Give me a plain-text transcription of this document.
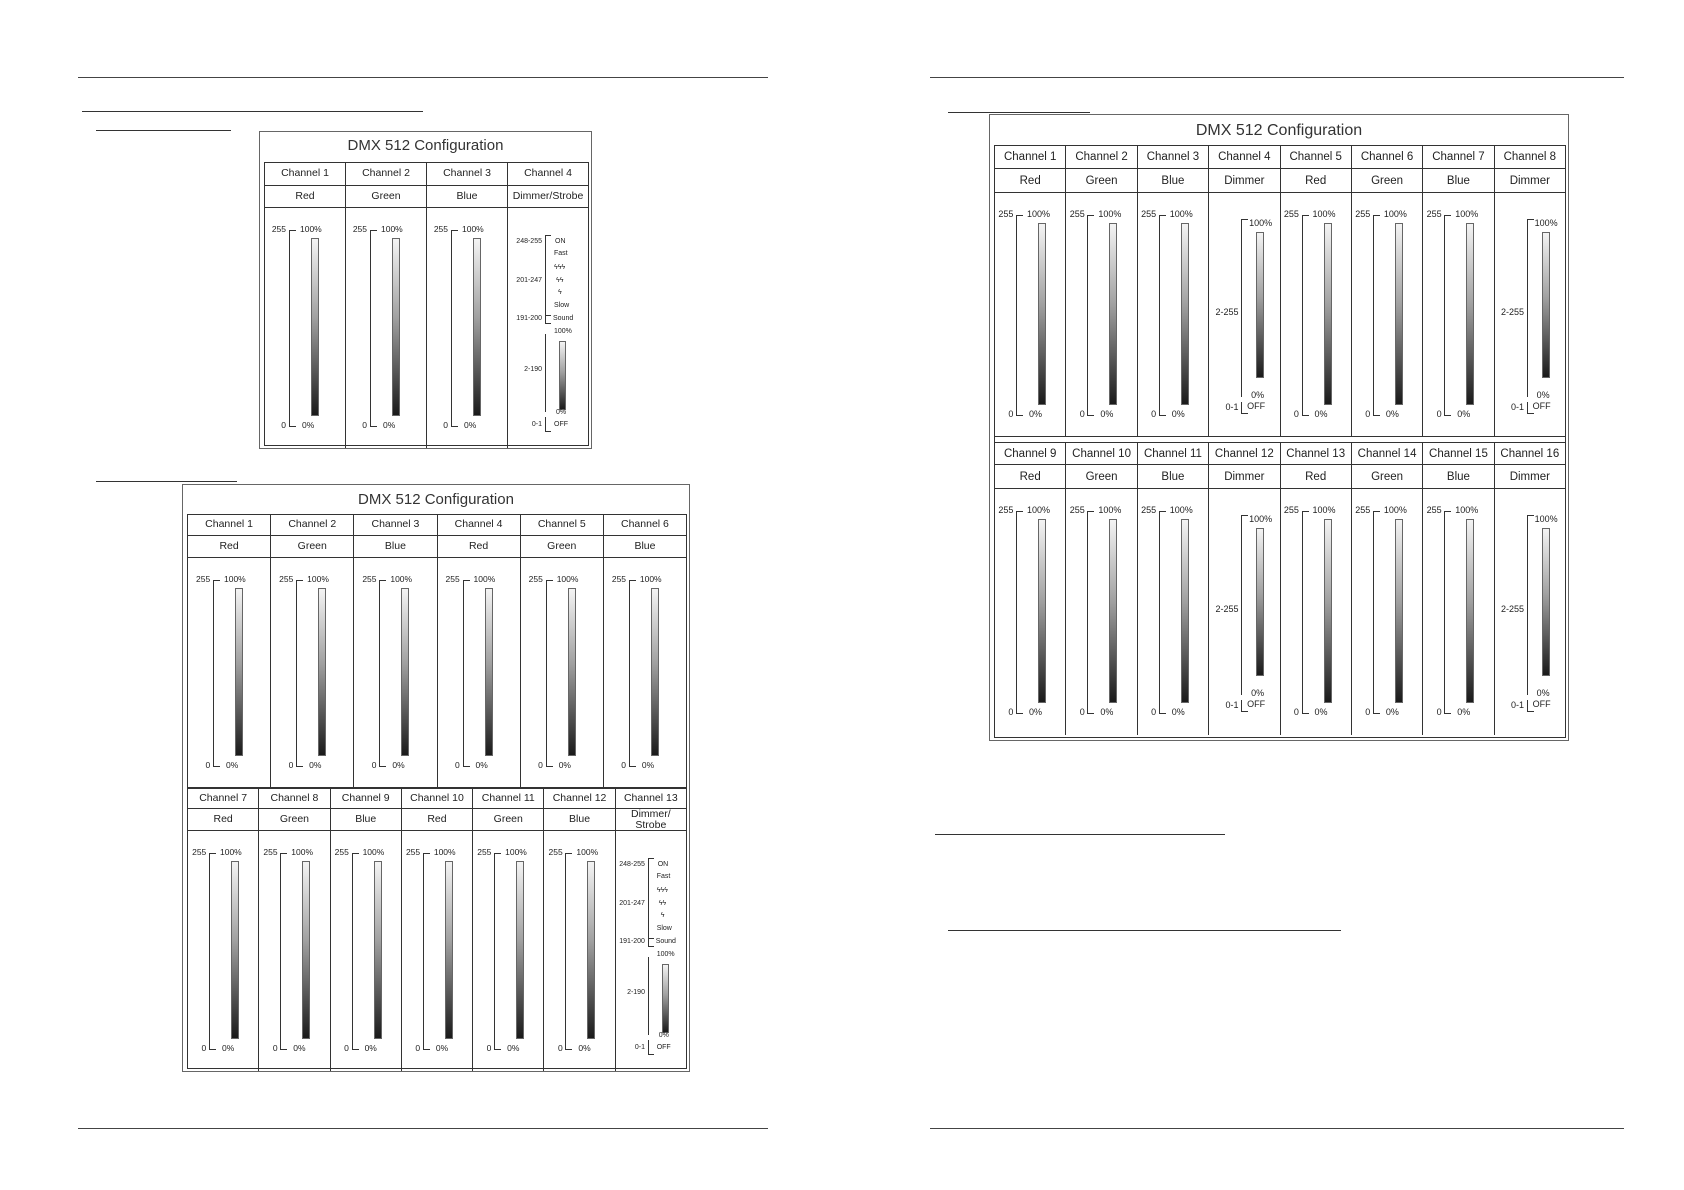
DMX 512 Configuration
Channel 1	Channel 2	Channel 3	Channel 4
Red	Green	Blue	Dimmer/Strobe
255 100%
0 0%
255 100%
0 0%
255 100%
0 0%
248-255 ON
Fast
ϟϟϟ
201-247 ϟϟ
ϟ
Slow
191-200 Sound
100%
2-190
0%
0-1 OFF
DMX 512 Configuration
Channel 1	Channel 2	Channel 3	Channel 4	Channel 5	Channel 6
Red	Green	Blue	Red	Green	Blue
255 100%
0 0%
255 100%
0 0%
255 100%
0 0%
255 100%
0 0%
255 100%
0 0%
255 100%
0 0%
Channel 7	Channel 8	Channel 9	Channel 10	Channel 11	Channel 12	Channel 13
Red	Green	Blue	Red	Green	Blue	Dimmer/ Strobe
255 100%
0 0%
255 100%
0 0%
255 100%
0 0%
255 100%
0 0%
255 100%
0 0%
255 100%
0 0%
248-255 ON
Fast
ϟϟϟ
201-247 ϟϟ
ϟ
Slow
191-200 Sound
100%
2-190
0%
0-1 OFF
DMX 512 Configuration
Channel 1	Channel 2	Channel 3	Channel 4	Channel 5	Channel 6	Channel 7	Channel 8
Red	Green	Blue	Dimmer	Red	Green	Blue	Dimmer
255 100%
0 0%
255 100%
0 0%
255 100%
0 0%
2-255
100%
0%
0-1 OFF
255 100%
0 0%
255 100%
0 0%
255 100%
0 0%
2-255
100%
0%
0-1 OFF
Channel 9	Channel 10	Channel 11	Channel 12	Channel 13	Channel 14	Channel 15	Channel 16
Red	Green	Blue	Dimmer	Red	Green	Blue	Dimmer
255 100%
0 0%
255 100%
0 0%
255 100%
0 0%
2-255
100%
0%
0-1 OFF
255 100%
0 0%
255 100%
0 0%
255 100%
0 0%
2-255
100%
0%
0-1 OFF
